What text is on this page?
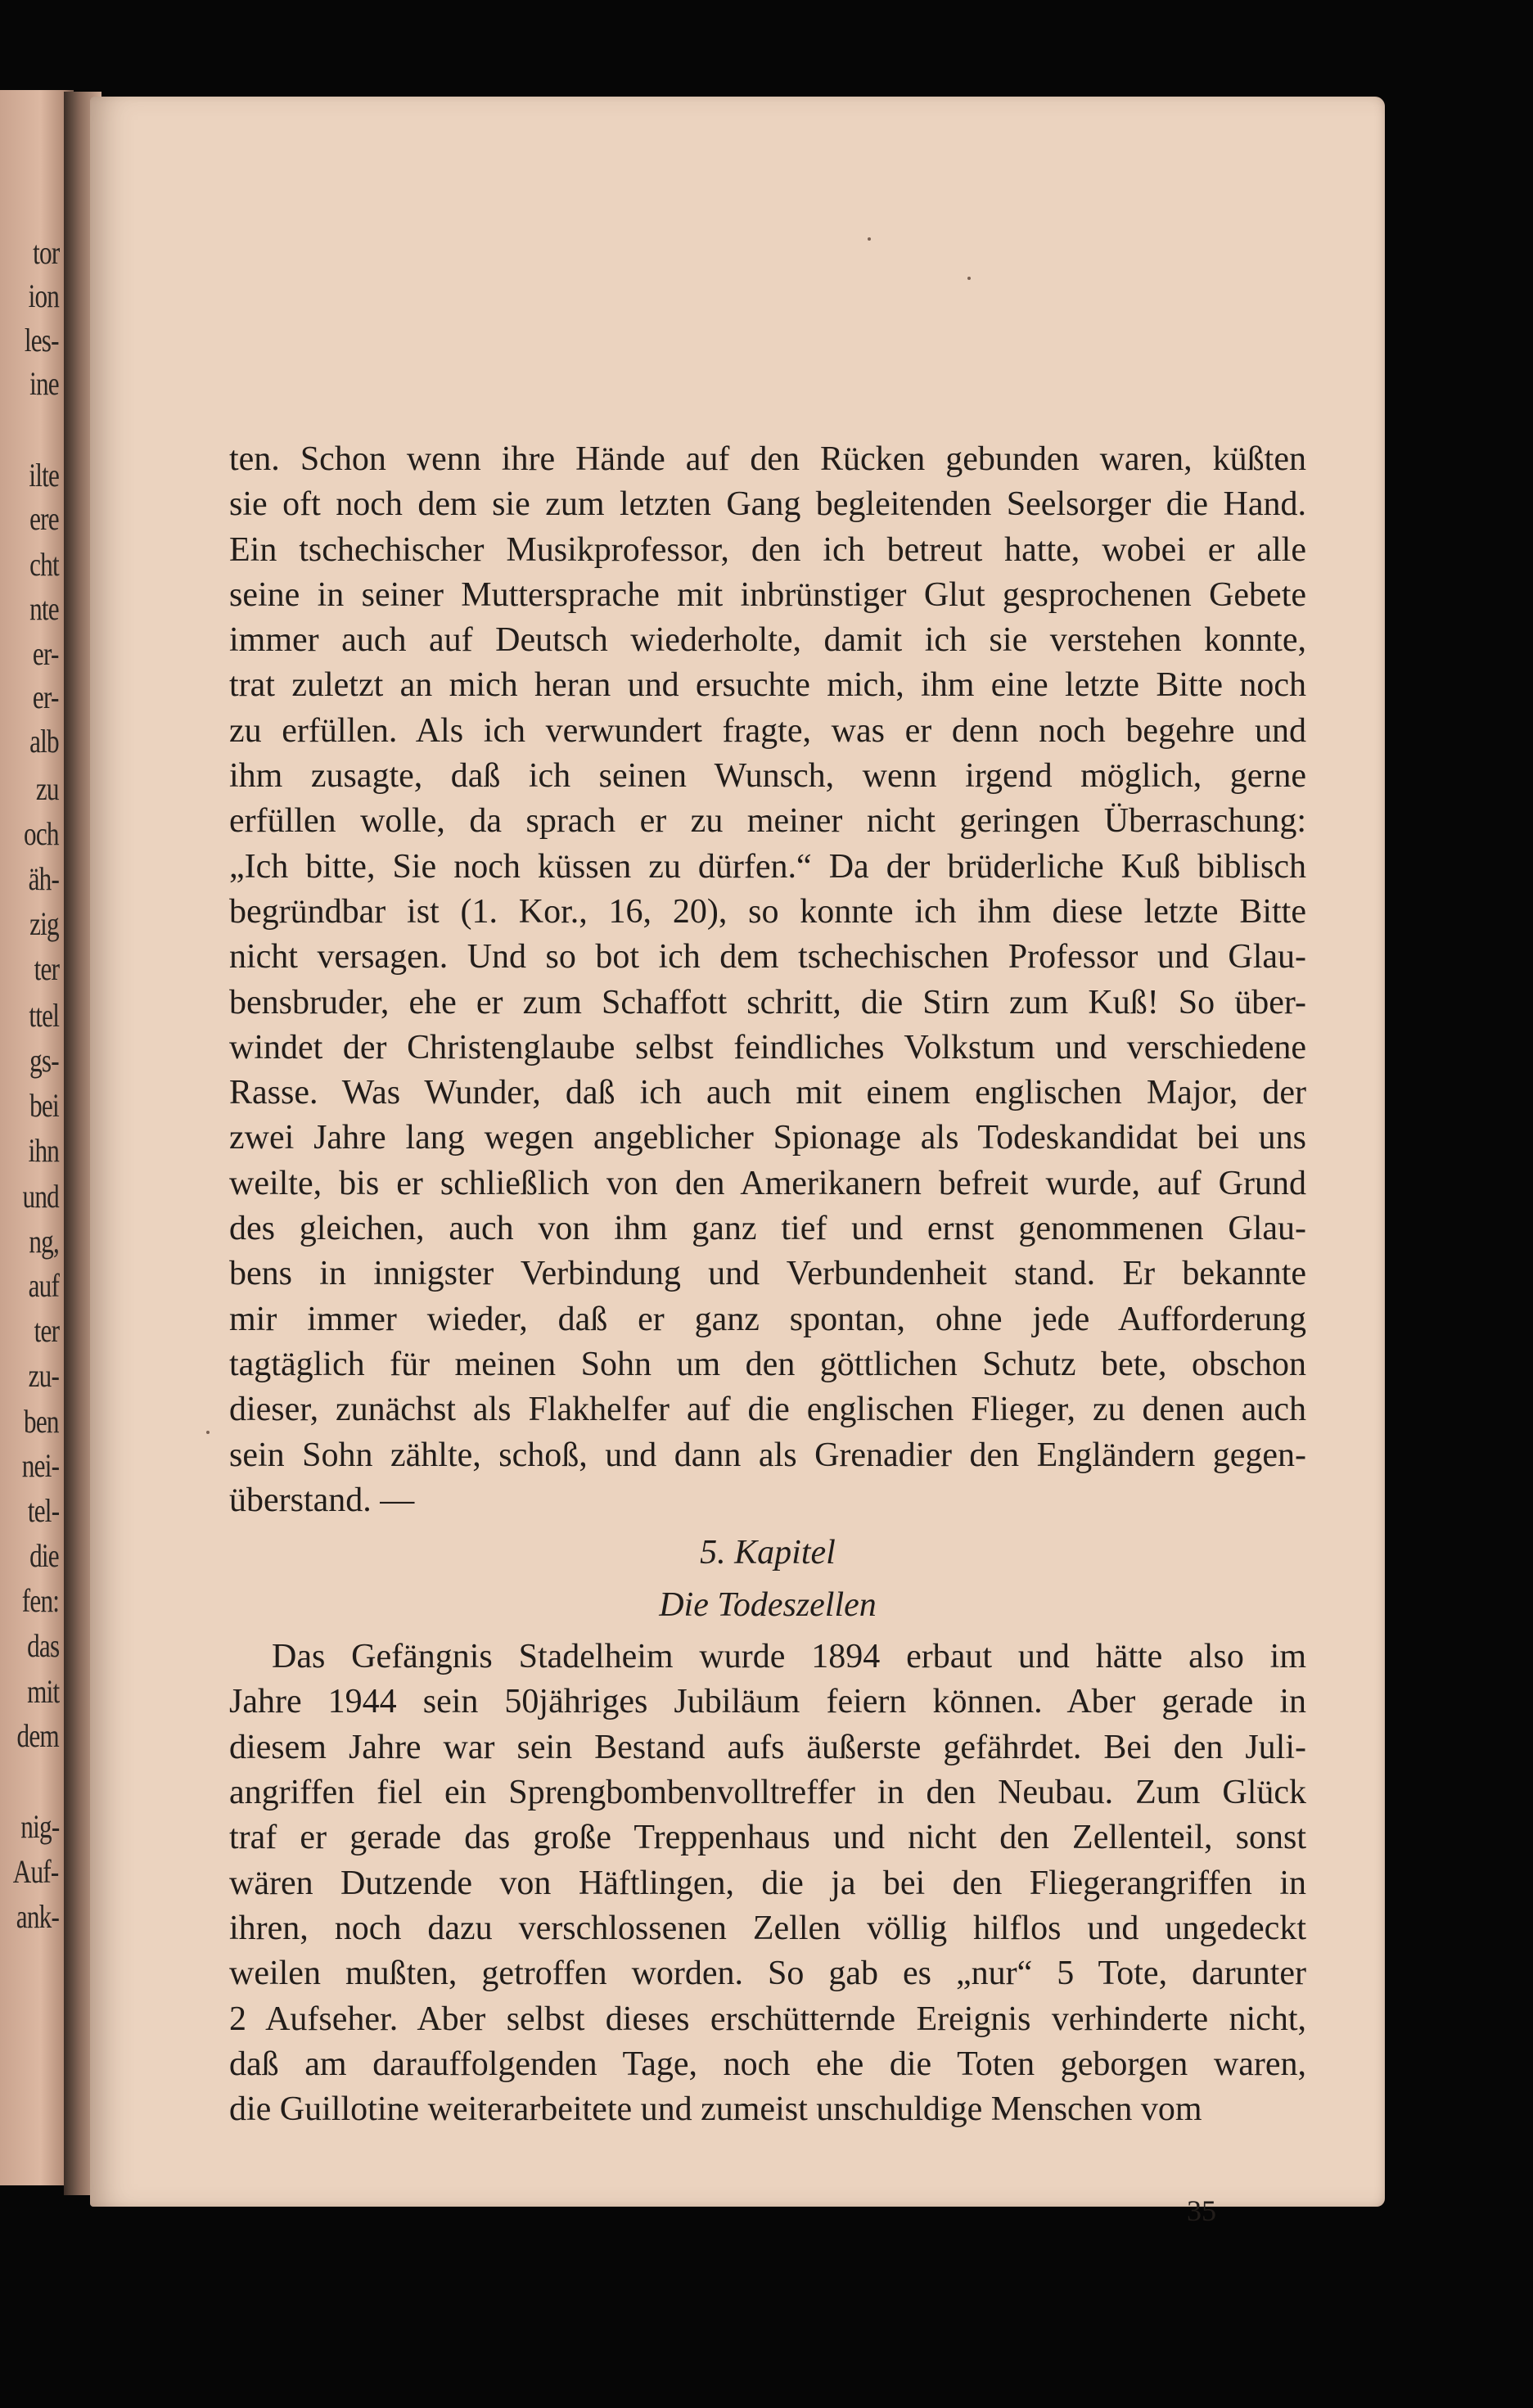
tor
ion
les-
ine
ilte
ere
cht
nte
er-
er-
alb
zu
och
äh-
zig
ter
ttel
gs-
bei
ihn
und
ng,
auf
ter
zu-
ben
nei-
tel-
die
fen:
das
mit
dem
nig-
Auf-
ank-
ten. Schon wenn ihre Hände auf den Rücken gebunden waren, küßten
sie oft noch dem sie zum letzten Gang begleitenden Seelsorger die Hand.
Ein tschechischer Musikprofessor, den ich betreut hatte, wobei er alle
seine in seiner Muttersprache mit inbrünstiger Glut gesprochenen Gebete
immer auch auf Deutsch wiederholte, damit ich sie verstehen konnte,
trat zuletzt an mich heran und ersuchte mich, ihm eine letzte Bitte noch
zu erfüllen. Als ich verwundert fragte, was er denn noch begehre und
ihm zusagte, daß ich seinen Wunsch, wenn irgend möglich, gerne
erfüllen wolle, da sprach er zu meiner nicht geringen Überraschung:
„Ich bitte, Sie noch küssen zu dürfen.“ Da der brüderliche Kuß biblisch
begründbar ist (1. Kor., 16, 20), so konnte ich ihm diese letzte Bitte
nicht versagen. Und so bot ich dem tschechischen Professor und Glau-
bensbruder, ehe er zum Schaffott schritt, die Stirn zum Kuß! So über-
windet der Christenglaube selbst feindliches Volkstum und verschiedene
Rasse. Was Wunder, daß ich auch mit einem englischen Major, der
zwei Jahre lang wegen angeblicher Spionage als Todeskandidat bei uns
weilte, bis er schließlich von den Amerikanern befreit wurde, auf Grund
des gleichen, auch von ihm ganz tief und ernst genommenen Glau-
bens in innigster Verbindung und Verbundenheit stand. Er bekannte
mir immer wieder, daß er ganz spontan, ohne jede Aufforderung
tagtäglich für meinen Sohn um den göttlichen Schutz bete, obschon
dieser, zunächst als Flakhelfer auf die englischen Flieger, zu denen auch
sein Sohn zählte, schoß, und dann als Grenadier den Engländern gegen-
überstand. —
5. Kapitel
Die Todeszellen
Das Gefängnis Stadelheim wurde 1894 erbaut und hätte also im
Jahre 1944 sein 50jähriges Jubiläum feiern können. Aber gerade in
diesem Jahre war sein Bestand aufs äußerste gefährdet. Bei den Juli-
angriffen fiel ein Sprengbombenvolltreffer in den Neubau. Zum Glück
traf er gerade das große Treppenhaus und nicht den Zellenteil, sonst
wären Dutzende von Häftlingen, die ja bei den Fliegerangriffen in
ihren, noch dazu verschlossenen Zellen völlig hilflos und ungedeckt
weilen mußten, getroffen worden. So gab es „nur“ 5 Tote, darunter
2 Aufseher. Aber selbst dieses erschütternde Ereignis verhinderte nicht,
daß am darauffolgenden Tage, noch ehe die Toten geborgen waren,
die Guillotine weiterarbeitete und zumeist unschuldige Menschen vom
35
